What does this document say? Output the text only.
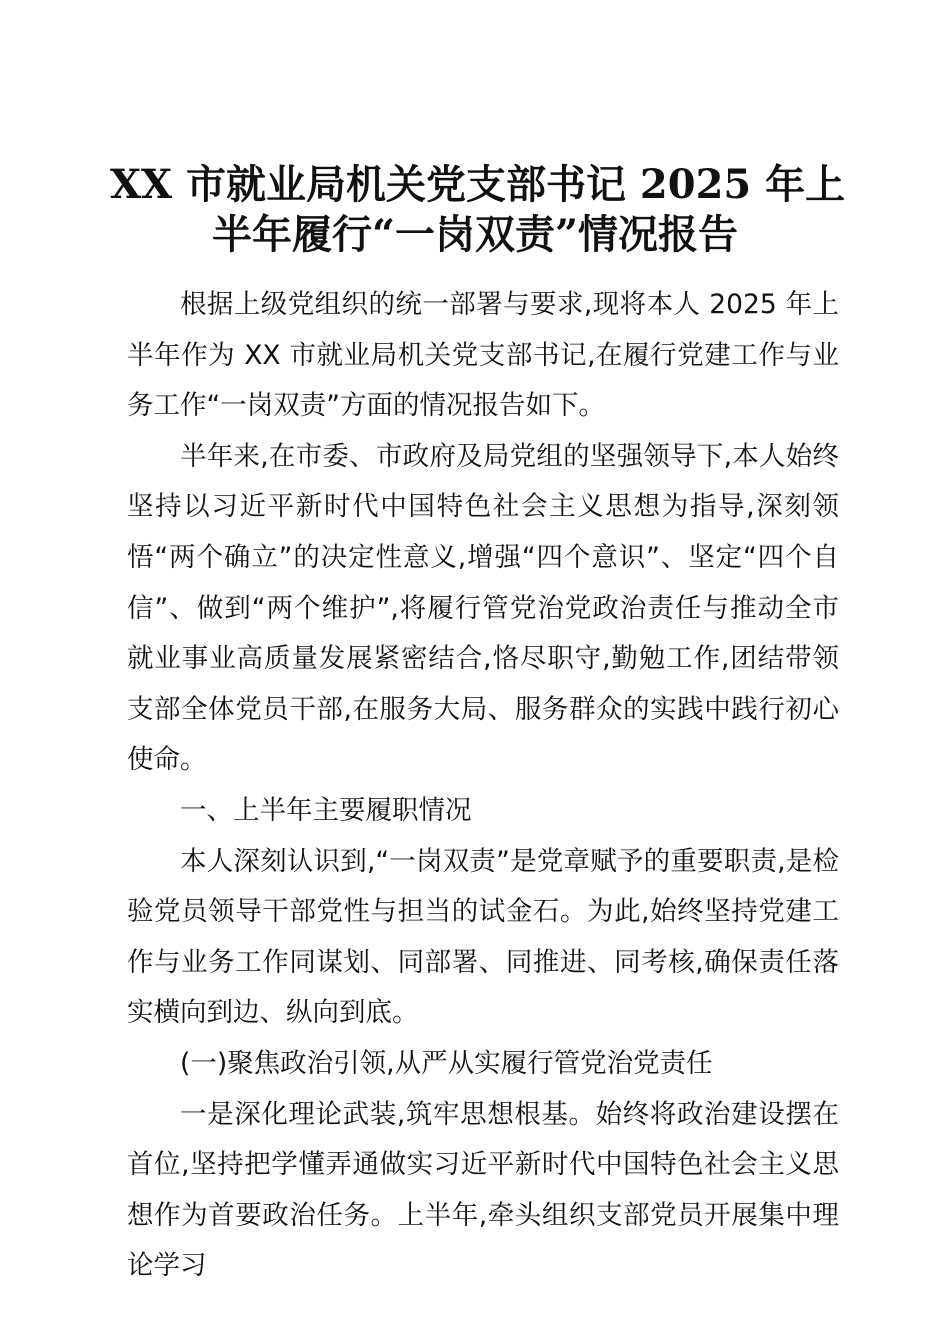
XX 市就业局机关党支部书记 2025 年上
半年履行“一岗双责”情况报告

根据上级党组织的统一部署与要求,现将本人 2025 年上半年作为 XX 市就业局机关党支部书记,在履行党建工作与业务工作“一岗双责”方面的情况报告如下。

半年来,在市委、市政府及局党组的坚强领导下,本人始终坚持以习近平新时代中国特色社会主义思想为指导,深刻领悟“两个确立”的决定性意义,增强“四个意识”、坚定“四个自信”、做到“两个维护”,将履行管党治党政治责任与推动全市就业事业高质量发展紧密结合,恪尽职守,勤勉工作,团结带领支部全体党员干部,在服务大局、服务群众的实践中践行初心使命。

一、上半年主要履职情况

本人深刻认识到,“一岗双责”是党章赋予的重要职责,是检验党员领导干部党性与担当的试金石。为此,始终坚持党建工作与业务工作同谋划、同部署、同推进、同考核,确保责任落实横向到边、纵向到底。

(一)聚焦政治引领,从严从实履行管党治党责任

一是深化理论武装,筑牢思想根基。始终将政治建设摆在首位,坚持把学懂弄通做实习近平新时代中国特色社会主义思想作为首要政治任务。上半年,牵头组织支部党员开展集中理论学习
